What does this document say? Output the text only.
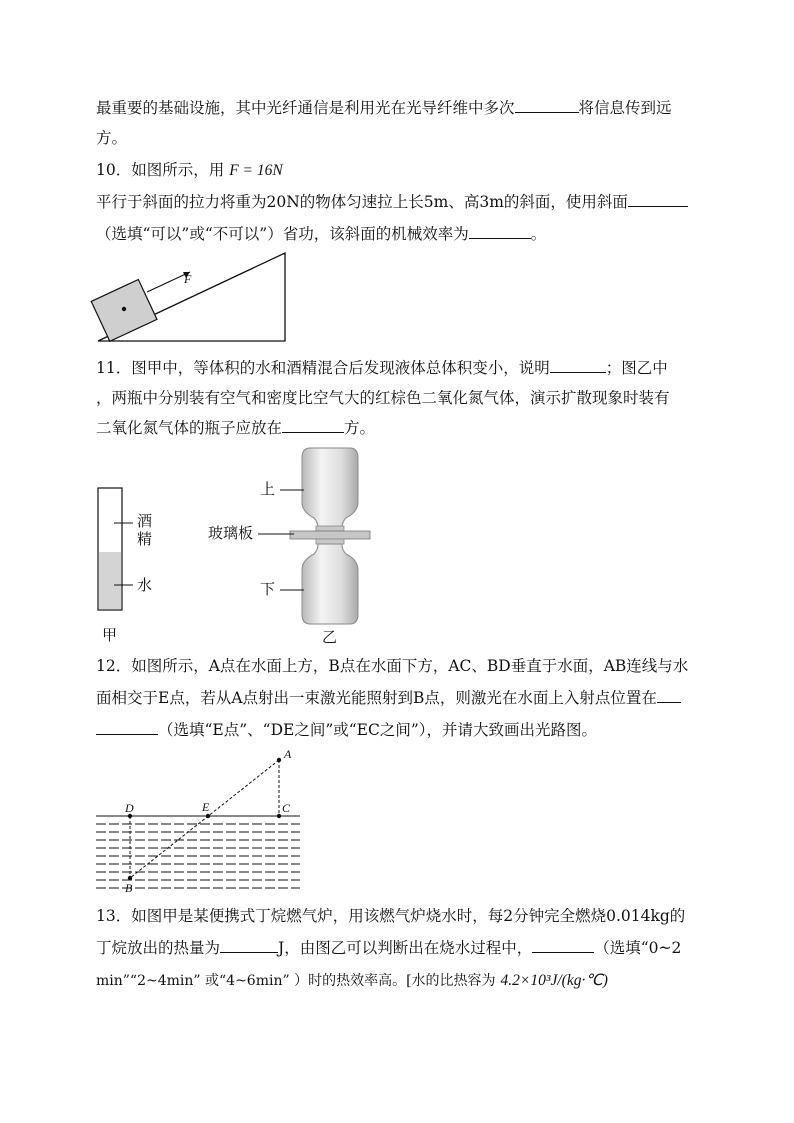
最重要的基础设施，其中光纤通信是利用光在光导纤维中多次	将信息传到远
方。
10．如图所示，用 F = 16N
平行于斜面的拉力将重为20N的物体匀速拉上长5m、高3m的斜面，使用斜面
（选填“可以”或“不可以”）省功，该斜面的机械效率为	。
F
11．图甲中，等体积的水和酒精混合后发现液体总体积变小，说明	；图乙中
，两瓶中分别装有空气和密度比空气大的红棕色二氧化氮气体，演示扩散现象时装有
二氧化氮气体的瓶子应放在	方。
酒
精
水
甲
上
玻璃板
下
乙
12．如图所示，A点在水面上方，B点在水面下方，AC、BD垂直于水面，AB连线与水
面相交于E点，若从A点射出一束激光能照射到B点，则激光在水面上入射点位置在
（选填“E点”、“DE之间”或“EC之间”），并请大致画出光路图。
A
C
D	E
B
13．如图甲是某便携式丁烷燃气炉，用该燃气炉烧水时，每2分钟完全燃烧0.014kg的
丁烷放出的热量为	J，由图乙可以判断出在烧水过程中，	（选填“0~2
min”“2~4min” 或“4~6min” ）时的热效率高。[水的比热容为 4.2×10³J/(kg·℃)
